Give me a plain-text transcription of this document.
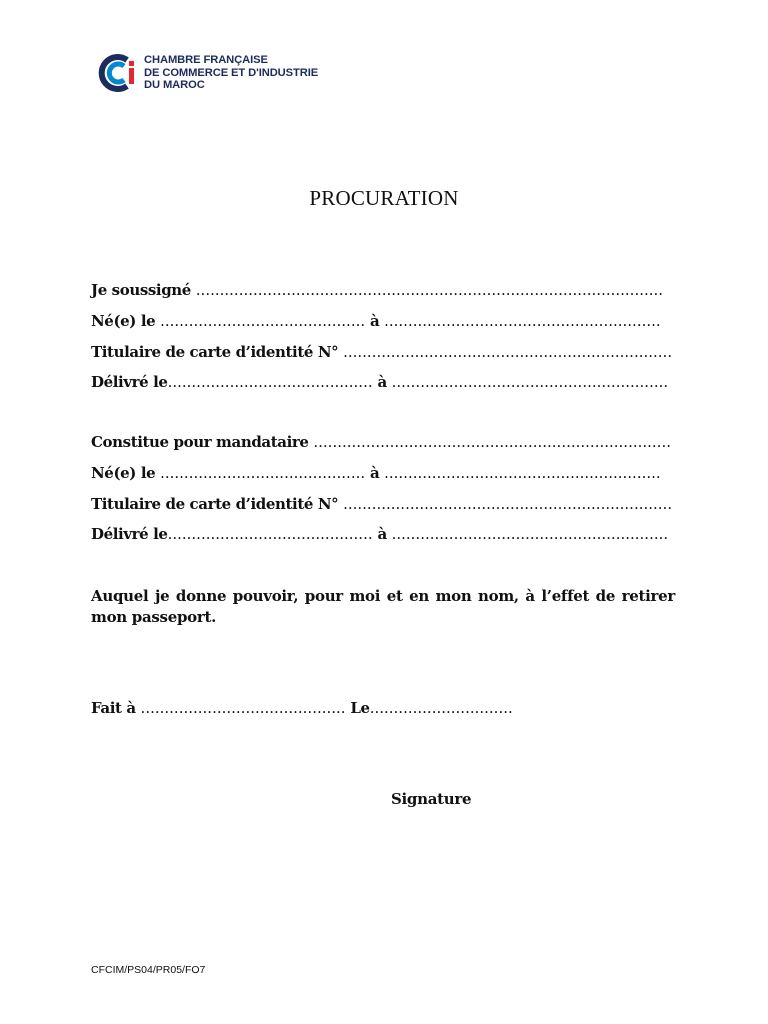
CHAMBRE FRANÇAISE
DE COMMERCE ET D'INDUSTRIE
DU MAROC
PROCURATION
Je soussigné ..................................................................................................
Né(e) le ........................................... à ..........................................................
Titulaire de carte d’identité N° .....................................................................
Délivré le........................................... à ..........................................................
Constitue pour mandataire ...........................................................................
Né(e) le ........................................... à ..........................................................
Titulaire de carte d’identité N° .....................................................................
Délivré le........................................... à ..........................................................
Auquel je donne pouvoir, pour moi et en mon nom, à l’effet de retirer mon passeport.
Fait à ........................................... Le..............................
Signature
CFCIM/PS04/PR05/FO7
